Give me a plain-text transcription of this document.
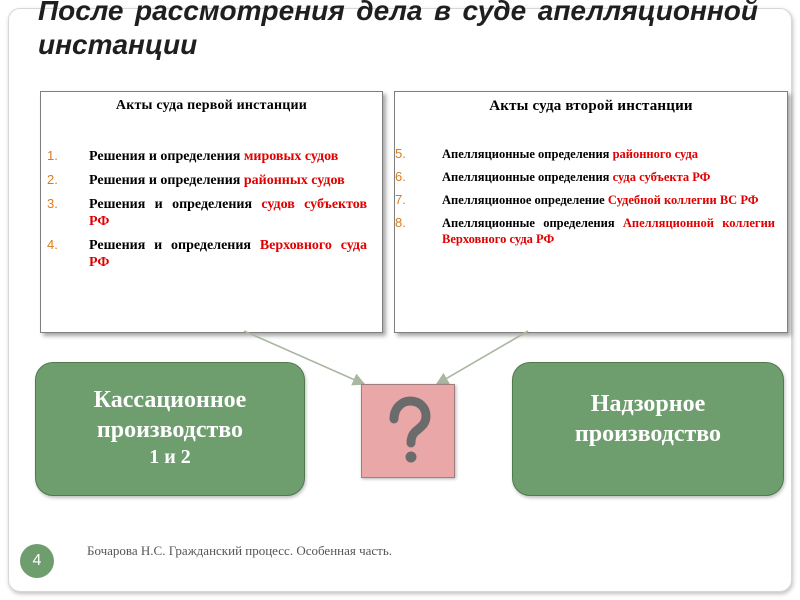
После рассмотрения дела в суде апелляционной инстанции

Акты суда первой инстанции

1. Решения и определения мировых судов
2. Решения и определения районных судов
3. Решения и определения судов субъектов РФ
4. Решения и определения Верховного суда РФ

Акты суда второй инстанции

5.	Апелляционные определения районного суда
6.	Апелляционные определения суда субъекта РФ
7.	Апелляционное определение Судебной коллегии ВС РФ
8.	Апелляционные определения Апелляционной коллегии Верховного суда РФ
Кассационное
производство
1 и 2
Надзорное
производство
4

Бочарова Н.С. Гражданский процесс. Особенная часть.
